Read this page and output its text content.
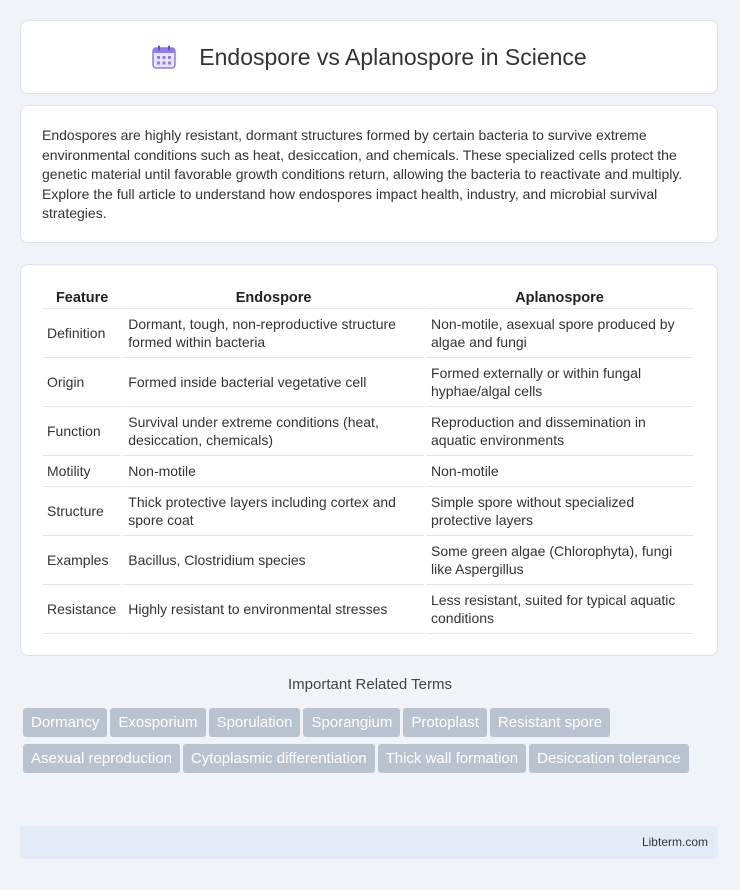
Endospore vs Aplanospore in Science

Endospores are highly resistant, dormant structures formed by certain bacteria to survive extreme environmental conditions such as heat, desiccation, and chemicals. These specialized cells protect the genetic material until favorable growth conditions return, allowing the bacteria to reactivate and multiply. Explore the full article to understand how endospores impact health, industry, and microbial survival strategies.

Feature	Endospore	Aplanospore
Definition	Dormant, tough, non-reproductive structure formed within bacteria	Non-motile, asexual spore produced by algae and fungi
Origin	Formed inside bacterial vegetative cell	Formed externally or within fungal hyphae/algal cells
Function	Survival under extreme conditions (heat, desiccation, chemicals)	Reproduction and dissemination in aquatic environments
Motility	Non-motile	Non-motile
Structure	Thick protective layers including cortex and spore coat	Simple spore without specialized protective layers
Examples	Bacillus, Clostridium species	Some green algae (Chlorophyta), fungi like Aspergillus
Resistance	Highly resistant to environmental stresses	Less resistant, suited for typical aquatic conditions
Important Related Terms
Dormancy Exosporium Sporulation Sporangium Protoplast Resistant sporeAsexual reproduction Cytoplasmic differentiation Thick wall formation Desiccation tolerance
Libterm.com
